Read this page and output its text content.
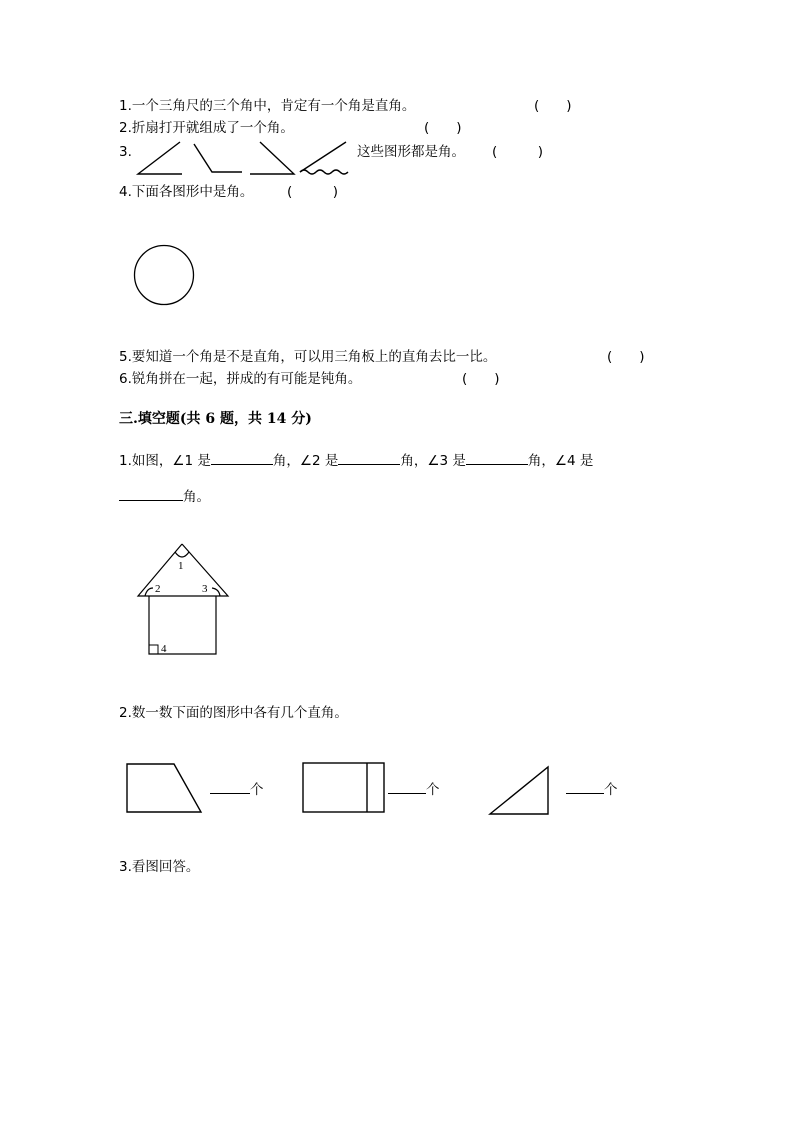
1.一个三角尺的三个角中，肯定有一个角是直角。	(　　)
2.折扇打开就组成了一个角。	(　　)
3.	这些图形都是角。 (　　　)
4.下面各图形中是角。 (　　　)
5.要知道一个角是不是直角，可以用三角板上的直角去比一比。	(　　)
6.锐角拼在一起，拼成的有可能是钝角。	(　　)
三.填空题(共 6 题，共 14 分)
1.如图，∠1 是	角，∠2 是	角，∠3 是	角，∠4 是
角。
1
2	3
4
2.数一数下面的图形中各有几个直角。
个	个	个
3.看图回答。
